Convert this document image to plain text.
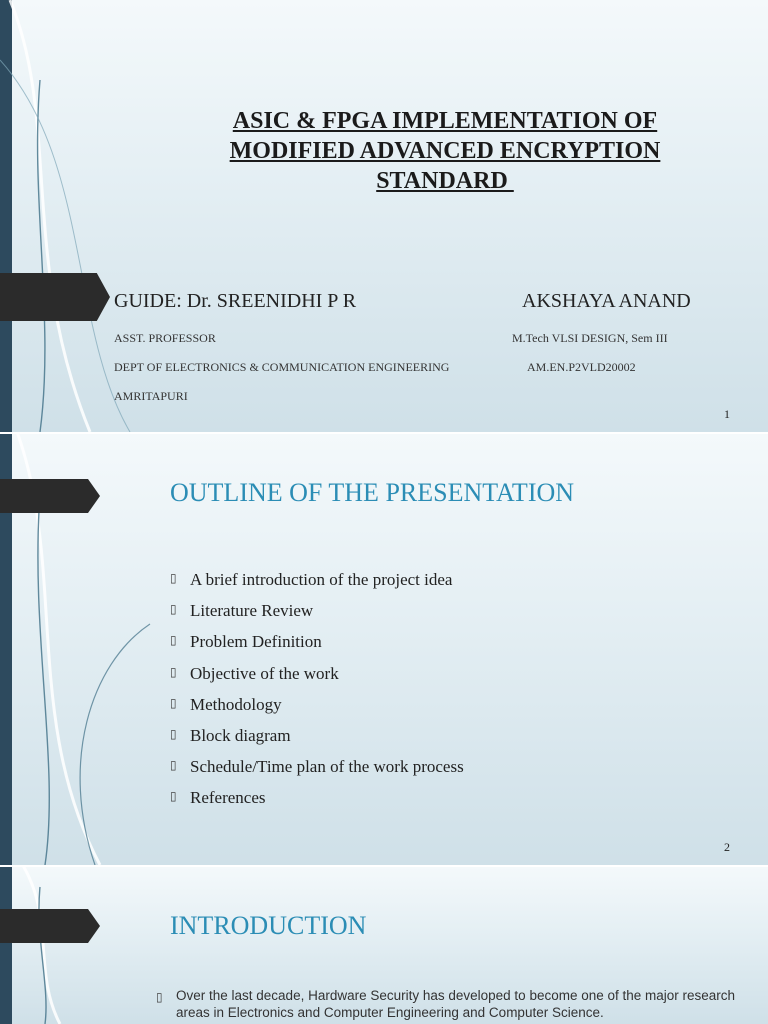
ASIC & FPGA IMPLEMENTATION OF
MODIFIED ADVANCED ENCRYPTION
STANDARD
GUIDE: Dr. SREENIDHI P R	AKSHAYA ANAND
ASST. PROFESSOR
DEPT OF ELECTRONICS & COMMUNICATION ENGINEERING
AMRITAPURI
M.Tech VLSI DESIGN, Sem III
AM.EN.P2VLD20002
1
OUTLINE OF THE PRESENTATION
▯ A brief introduction of the project idea
▯ Literature Review
▯ Problem Definition
▯ Objective of the work
▯ Methodology
▯ Block diagram
▯ Schedule/Time plan of the work process
▯ References
2
INTRODUCTION
▯ Over the last decade, Hardware Security has developed to become one of the major research areas in Electronics and Computer Engineering and Computer Science.
